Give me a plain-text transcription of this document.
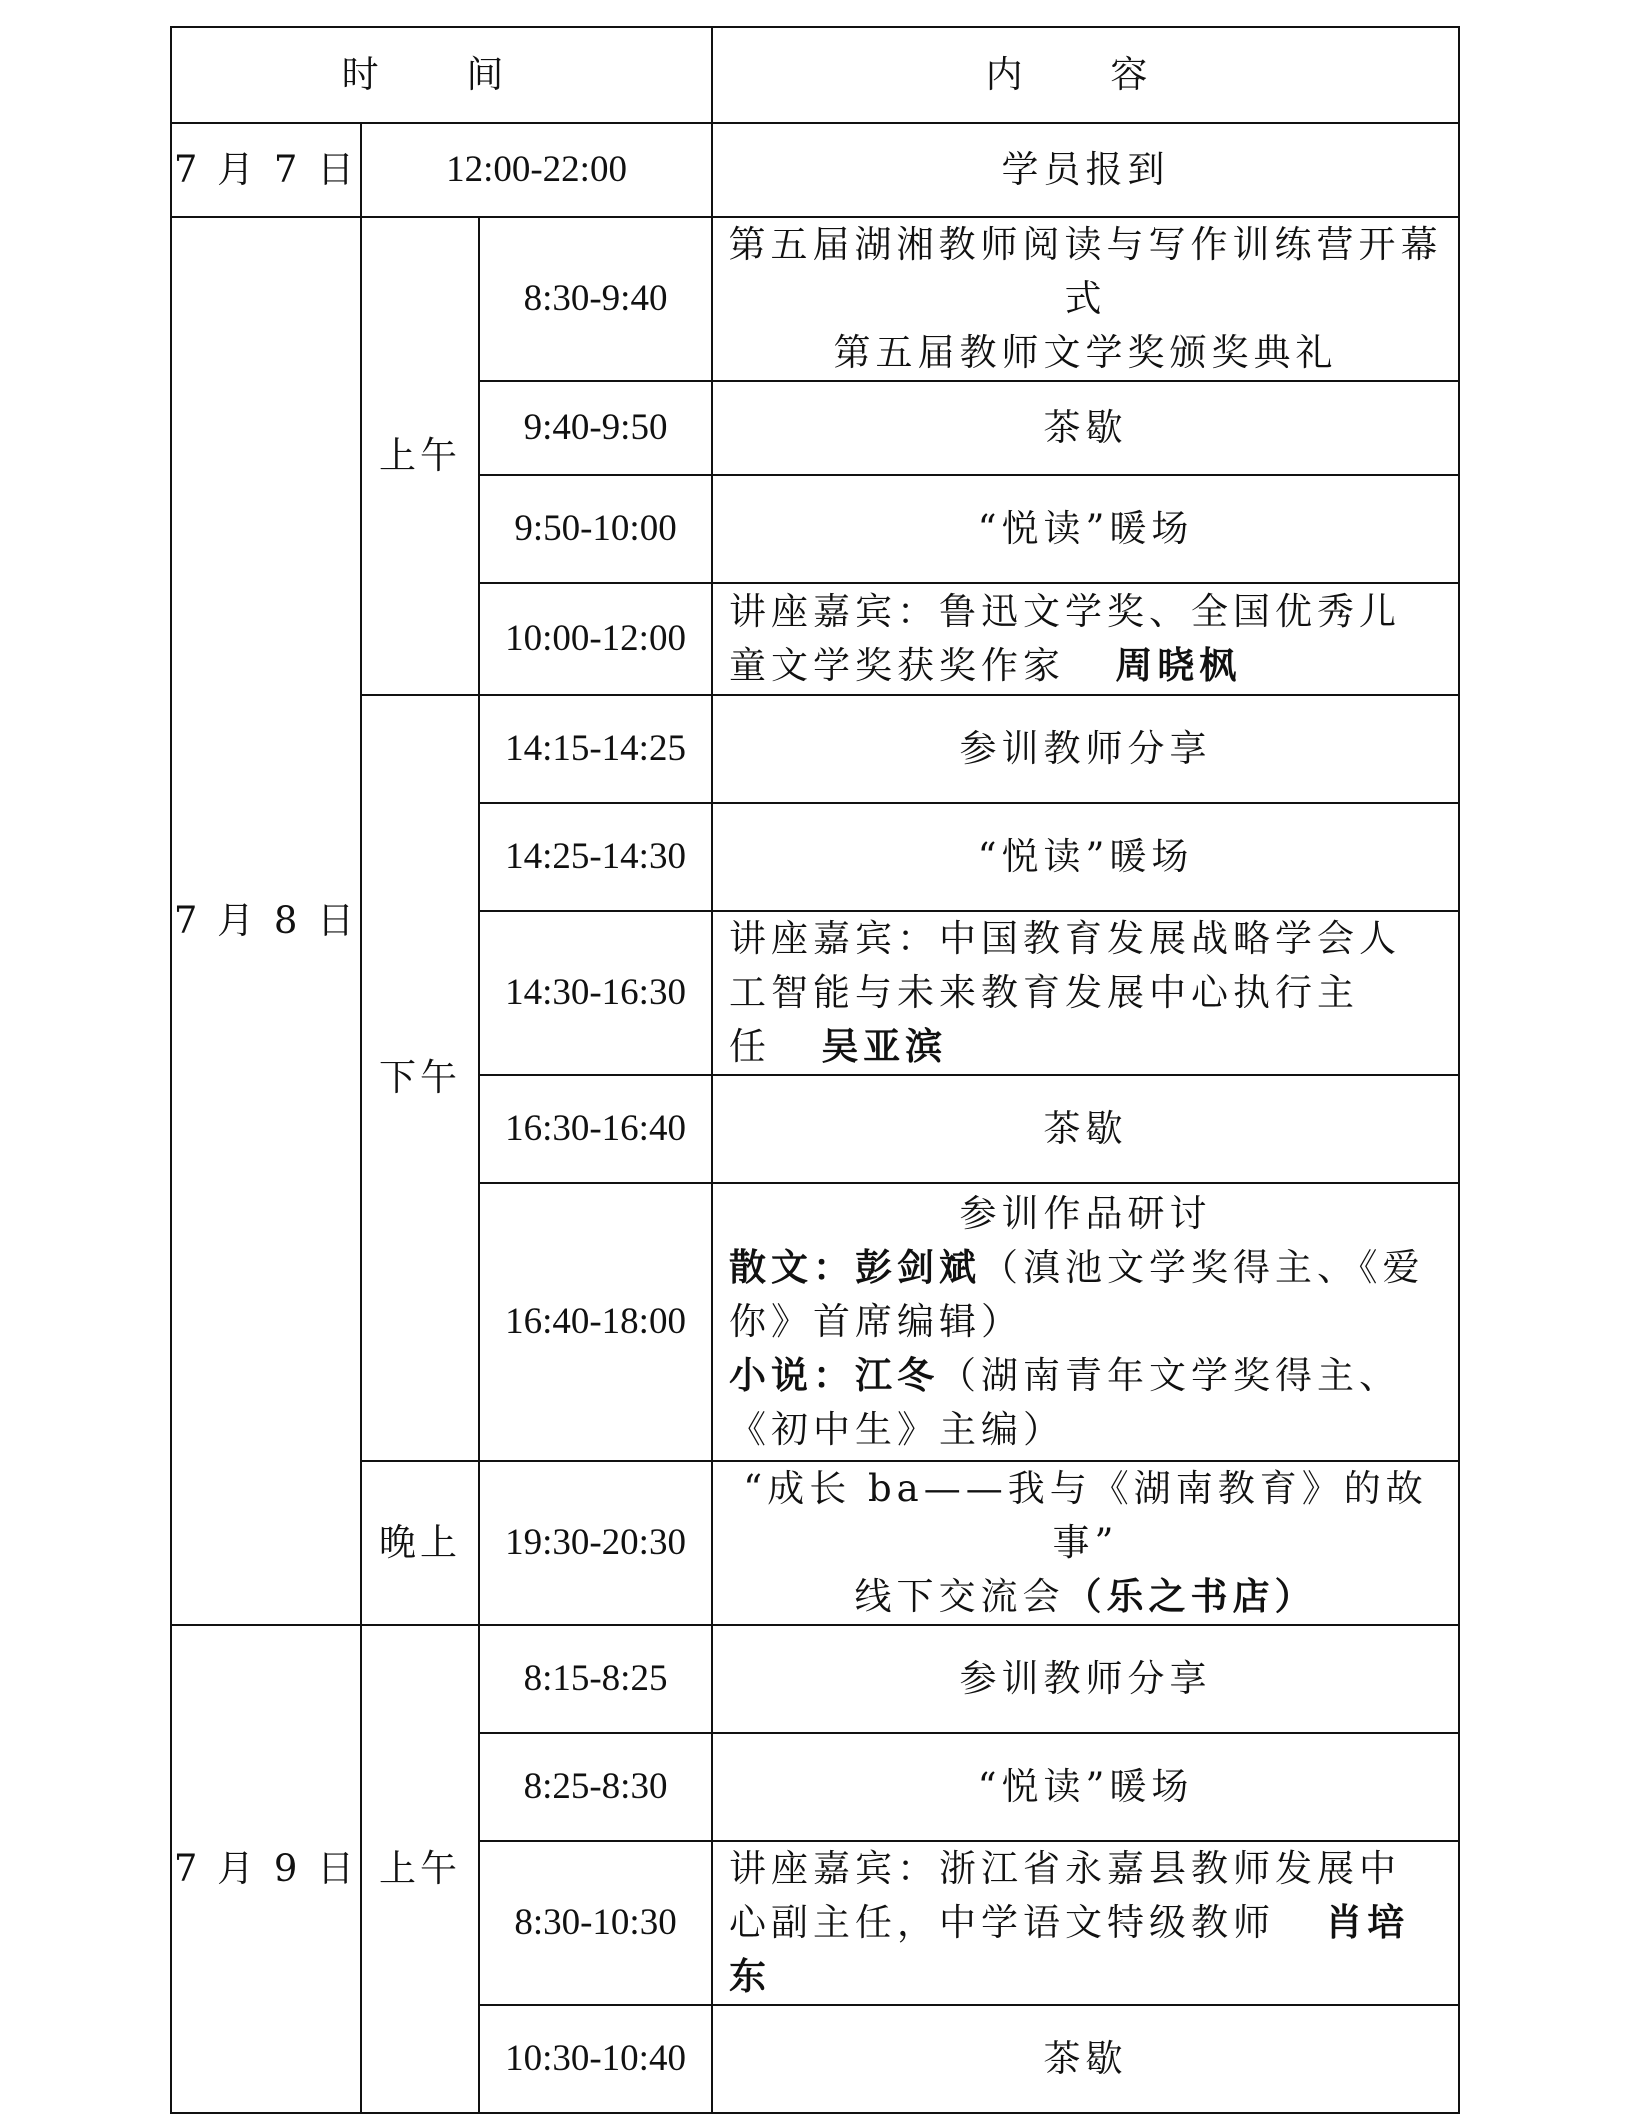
时 间			内 容
7 月 7 日	12:00-22:00		学员报到
7 月 8 日	上午	8:30-9:40	第五届湖湘教师阅读与写作训练营开幕式
第五届教师文学奖颁奖典礼

		9:40-9:50	茶歇
		9:50-10:00	“悦读”暖场
		10:00-12:00	讲座嘉宾：鲁迅文学奖、全国优秀儿童文学奖获奖作家 周晓枫
	下午	14:15-14:25	参训教师分享
		14:25-14:30	“悦读”暖场
		14:30-16:30	讲座嘉宾：中国教育发展战略学会人工智能与未来教育发展中心执行主任 吴亚滨
		16:30-16:40	茶歇
		16:40-18:00	参训作品研讨
散文：彭剑斌（滇池文学奖得主、《爱你》首席编辑）
小说：江冬（湖南青年文学奖得主、《初中生》主编）

	晚上	19:30-20:30	“成长 ba——我与《湖南教育》的故事”
线下交流会（乐之书店）

7 月 9 日	上午	8:15-8:25	参训教师分享
		8:25-8:30	“悦读”暖场
		8:30-10:30	讲座嘉宾：浙江省永嘉县教师发展中心副主任，中学语文特级教师 肖培东
		10:30-10:40	茶歇
